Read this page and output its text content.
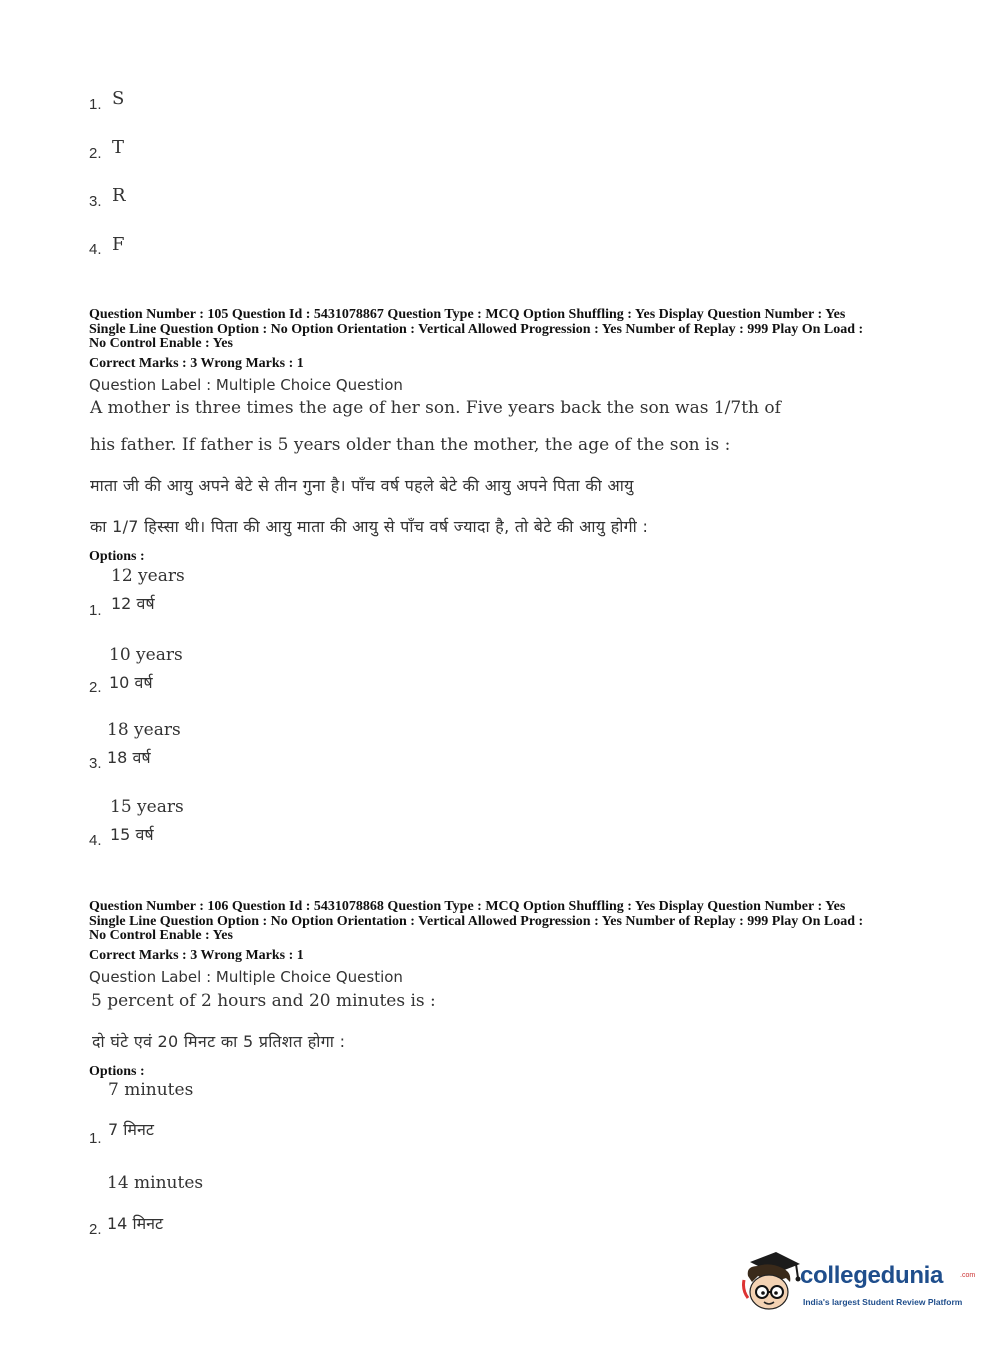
1. S
2. T
3. R
4. F
Question Number : 105 Question Id : 5431078867 Question Type : MCQ Option Shuffling : Yes Display Question Number : Yes
Single Line Question Option : No Option Orientation : Vertical Allowed Progression : Yes Number of Replay : 999 Play On Load :
No Control Enable : Yes
Correct Marks : 3 Wrong Marks : 1
Question Label : Multiple Choice Question
A mother is three times the age of her son. Five years back the son was 1/7th of
his father. If father is 5 years older than the mother, the age of the son is :
माता जी की आयु अपने बेटे से तीन गुना है। पाँच वर्ष पहले बेटे की आयु अपने पिता की आयु
का 1/7 हिस्सा थी। पिता की आयु माता की आयु से पाँच वर्ष ज्यादा है, तो बेटे की आयु होगी :
Options :
12 years
12 वर्ष
1.
10 years
10 वर्ष
2.
18 years
18 वर्ष
3.
15 years
15 वर्ष
4.
Question Number : 106 Question Id : 5431078868 Question Type : MCQ Option Shuffling : Yes Display Question Number : Yes
Single Line Question Option : No Option Orientation : Vertical Allowed Progression : Yes Number of Replay : 999 Play On Load :
No Control Enable : Yes
Correct Marks : 3 Wrong Marks : 1
Question Label : Multiple Choice Question
5 percent of 2 hours and 20 minutes is :
दो घंटे एवं 20 मिनट का 5 प्रतिशत होगा :
Options :
7 minutes
7 मिनट
1.
14 minutes
14 मिनट
2.
collegedunia .com
India's largest Student Review Platform
